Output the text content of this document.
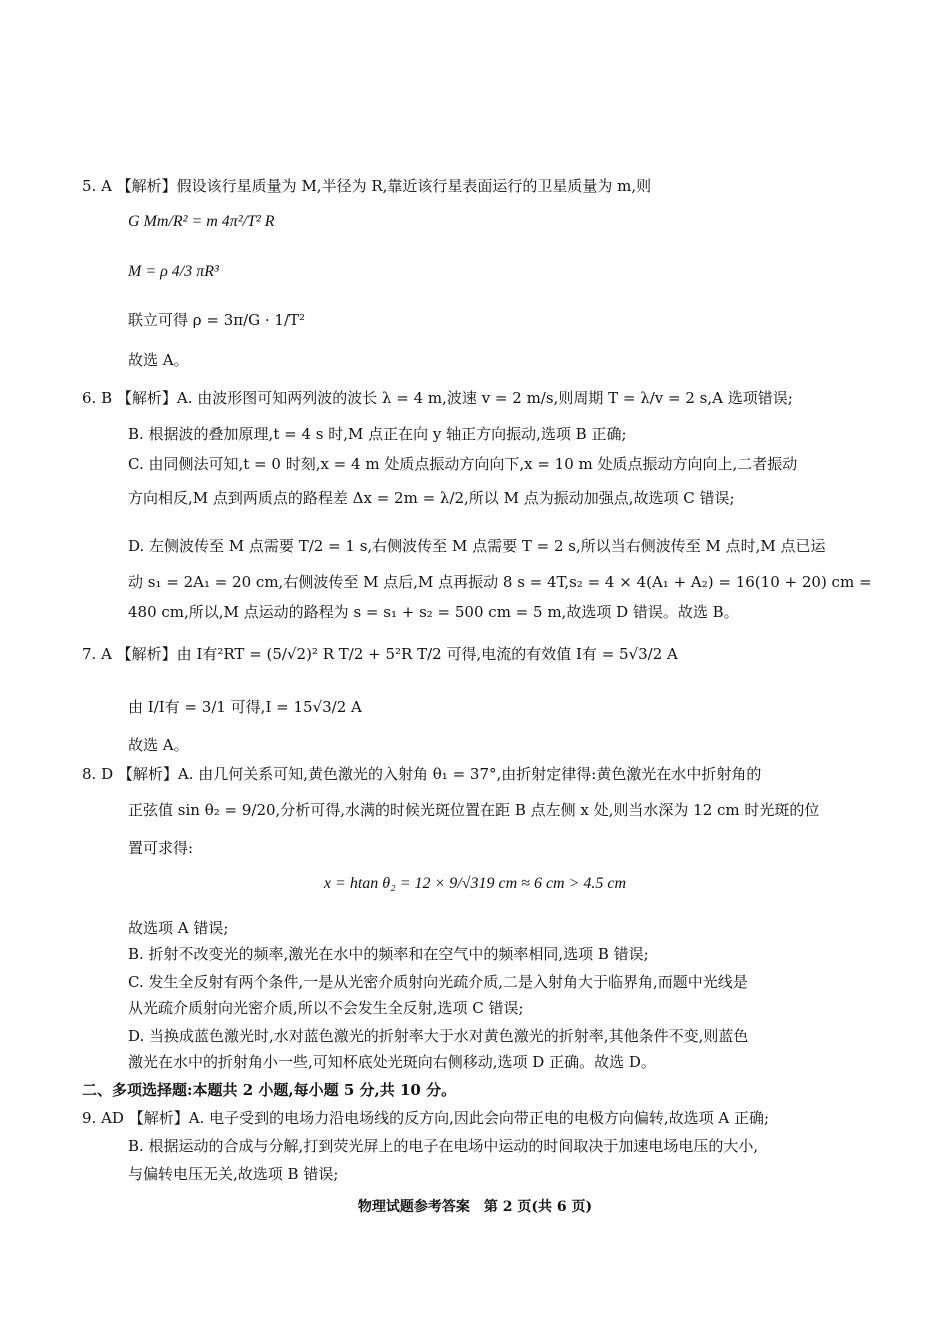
5. A 【解析】假设该行星质量为 M,半径为 R,靠近该行星表面运行的卫星质量为 m,则
G Mm/R² = m 4π²/T² R
M = ρ 4/3 πR³
联立可得 ρ = 3π/G · 1/T²
故选 A。
6. B 【解析】A. 由波形图可知两列波的波长 λ = 4 m,波速 v = 2 m/s,则周期 T = λ/v = 2 s,A 选项错误;
B. 根据波的叠加原理,t = 4 s 时,M 点正在向 y 轴正方向振动,选项 B 正确;
C. 由同侧法可知,t = 0 时刻,x = 4 m 处质点振动方向向下,x = 10 m 处质点振动方向向上,二者振动
方向相反,M 点到两质点的路程差 Δx = 2m = λ/2,所以 M 点为振动加强点,故选项 C 错误;
D. 左侧波传至 M 点需要 T/2 = 1 s,右侧波传至 M 点需要 T = 2 s,所以当右侧波传至 M 点时,M 点已运
动 s₁ = 2A₁ = 20 cm,右侧波传至 M 点后,M 点再振动 8 s = 4T,s₂ = 4 × 4(A₁ + A₂) = 16(10 + 20) cm =
480 cm,所以,M 点运动的路程为 s = s₁ + s₂ = 500 cm = 5 m,故选项 D 错误。故选 B。
7. A 【解析】由 I有²RT = (5/√2)² R T/2 + 5²R T/2 可得,电流的有效值 I有 = 5√3/2 A
由 I/I有 = 3/1 可得,I = 15√3/2 A
故选 A。
8. D 【解析】A. 由几何关系可知,黄色激光的入射角 θ₁ = 37°,由折射定律得:黄色激光在水中折射角的
正弦值 sin θ₂ = 9/20,分析可得,水满的时候光斑位置在距 B 点左侧 x 处,则当水深为 12 cm 时光斑的位
置可求得:
x = htan θ₂ = 12 × 9/√319 cm ≈ 6 cm > 4.5 cm
故选项 A 错误;
B. 折射不改变光的频率,激光在水中的频率和在空气中的频率相同,选项 B 错误;
C. 发生全反射有两个条件,一是从光密介质射向光疏介质,二是入射角大于临界角,而题中光线是
从光疏介质射向光密介质,所以不会发生全反射,选项 C 错误;
D. 当换成蓝色激光时,水对蓝色激光的折射率大于水对黄色激光的折射率,其他条件不变,则蓝色
激光在水中的折射角小一些,可知杯底处光斑向右侧移动,选项 D 正确。故选 D。
二、多项选择题:本题共 2 小题,每小题 5 分,共 10 分。
9. AD 【解析】A. 电子受到的电场力沿电场线的反方向,因此会向带正电的电极方向偏转,故选项 A 正确;
B. 根据运动的合成与分解,打到荧光屏上的电子在电场中运动的时间取决于加速电场电压的大小,
与偏转电压无关,故选项 B 错误;
物理试题参考答案　第 2 页(共 6 页)
